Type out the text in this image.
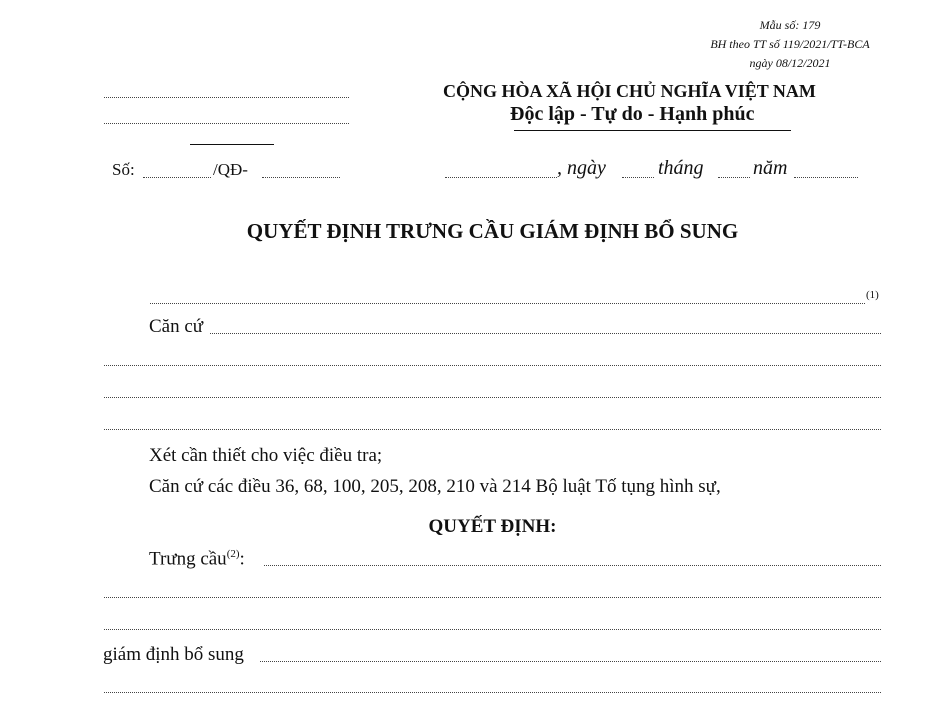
Mẫu số: 179
BH theo TT số 119/2021/TT-BCA
ngày 08/12/2021
Số:	/QĐ-
CỘNG HÒA XÃ HỘI CHỦ NGHĨA VIỆT NAM
Độc lập - Tự do - Hạnh phúc
, ngày	tháng năm
QUYẾT ĐỊNH TRƯNG CẦU GIÁM ĐỊNH BỔ SUNG
(1)
Căn cứ
Xét cần thiết cho việc điều tra;
Căn cứ các điều 36, 68, 100, 205, 208, 210 và 214 Bộ luật Tố tụng hình sự,
QUYẾT ĐỊNH:
Trưng cầu$^{(2)}$:
giám định bổ sung
